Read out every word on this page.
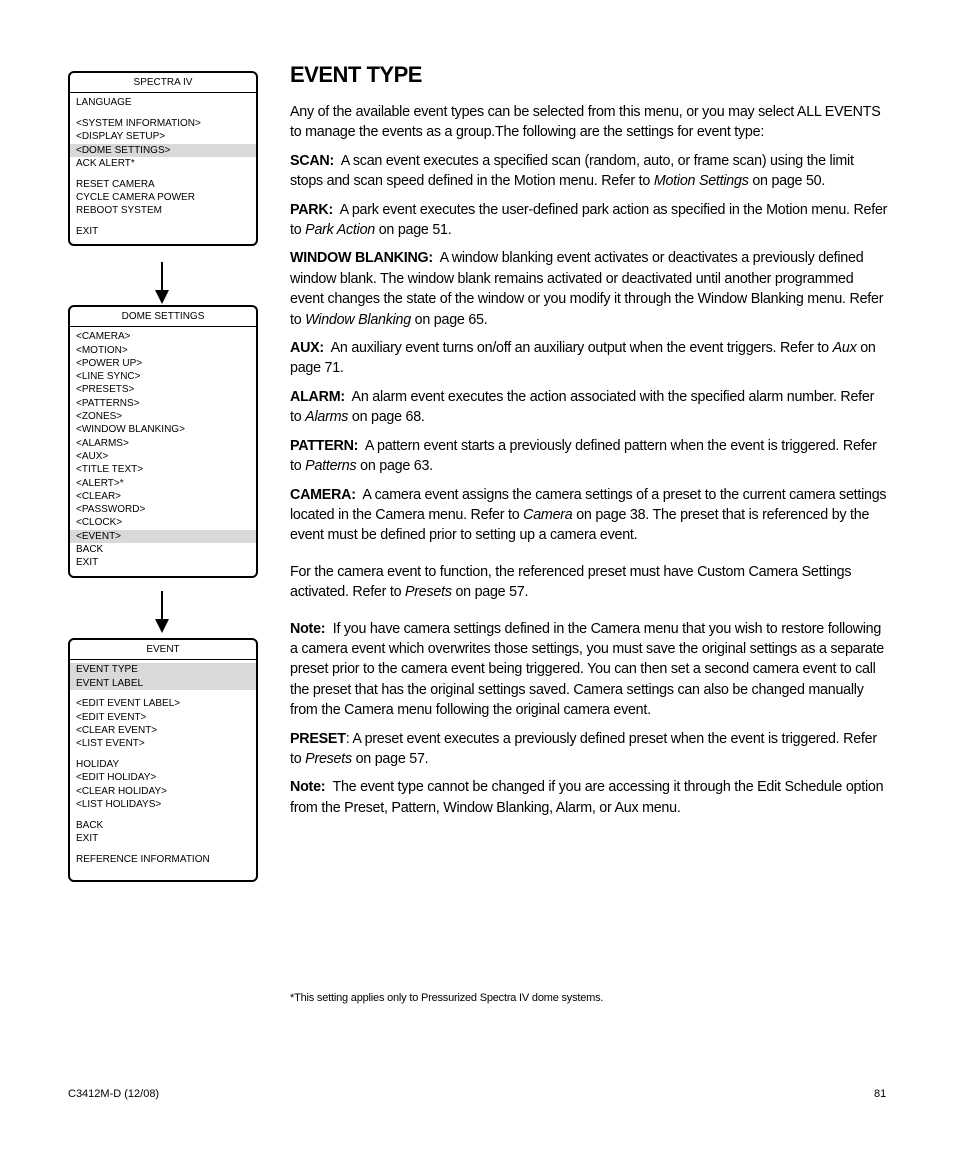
SPECTRA IV
LANGUAGE
<SYSTEM INFORMATION>
<DISPLAY SETUP>
<DOME SETTINGS>
ACK ALERT*
RESET CAMERA
CYCLE CAMERA POWER
REBOOT SYSTEM
EXIT
DOME SETTINGS
<CAMERA>
<MOTION>
<POWER UP>
<LINE SYNC>
<PRESETS>
<PATTERNS>
<ZONES>
<WINDOW BLANKING>
<ALARMS>
<AUX>
<TITLE TEXT>
<ALERT>*
<CLEAR>
<PASSWORD>
<CLOCK>
<EVENT>
BACK
EXIT
EVENT
EVENT TYPE
EVENT LABEL
<EDIT EVENT LABEL>
<EDIT EVENT>
<CLEAR EVENT>
<LIST EVENT>
HOLIDAY
<EDIT HOLIDAY>
<CLEAR HOLIDAY>
<LIST HOLIDAYS>
BACK
EXIT
REFERENCE INFORMATION
EVENT TYPE

Any of the available event types can be selected from this menu, or you may select ALL EVENTS to manage the events as a group.The following are the settings for event type:

SCAN: A scan event executes a specified scan (random, auto, or frame scan) using the limit stops and scan speed defined in the Motion menu. Refer to Motion Settings on page 50.

PARK: A park event executes the user-defined park action as specified in the Motion menu. Refer to Park Action on page 51.

WINDOW BLANKING: A window blanking event activates or deactivates a previously defined window blank. The window blank remains activated or deactivated until another programmed event changes the state of the window or you modify it through the Window Blanking menu. Refer to Window Blanking on page 65.

AUX: An auxiliary event turns on/off an auxiliary output when the event triggers. Refer to Aux on page 71.

ALARM: An alarm event executes the action associated with the specified alarm number. Refer to Alarms on page 68.

PATTERN: A pattern event starts a previously defined pattern when the event is triggered. Refer to Patterns on page 63.

CAMERA: A camera event assigns the camera settings of a preset to the current camera settings located in the Camera menu. Refer to Camera on page 38. The preset that is referenced by the event must be defined prior to setting up a camera event.

For the camera event to function, the referenced preset must have Custom Camera Settings activated. Refer to Presets on page 57.

Note: If you have camera settings defined in the Camera menu that you wish to restore following a camera event which overwrites those settings, you must save the original settings as a separate preset prior to the camera event being triggered. You can then set a second camera event to call the preset that has the original settings saved. Camera settings can also be changed manually from the Camera menu following the original camera event.

PRESET: A preset event executes a previously defined preset when the event is triggered. Refer to Presets on page 57.

Note: The event type cannot be changed if you are accessing it through the Edit Schedule option from the Preset, Pattern, Window Blanking, Alarm, or Aux menu.

*This setting applies only to Pressurized Spectra IV dome systems.
C3412M-D (12/08)	81
